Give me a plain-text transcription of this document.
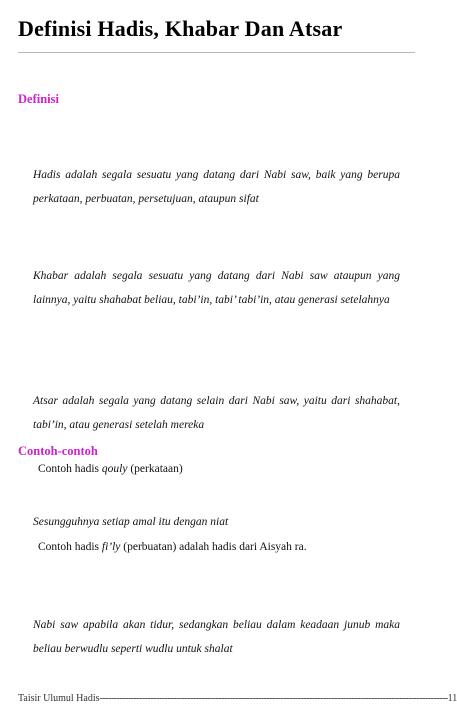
Definisi Hadis, Khabar Dan Atsar
Definisi
Hadis adalah segala sesuatu yang datang dari Nabi saw, baik yang berupa perkataan, perbuatan, persetujuan, ataupun sifat
Khabar adalah segala sesuatu yang datang dari Nabi saw ataupun yang lainnya, yaitu shahabat beliau, tabi’in, tabi’ tabi’in, atau generasi setelahnya
Atsar adalah segala yang datang selain dari Nabi saw, yaitu dari shahabat, tabi’in, atau generasi setelah mereka
Contoh-contoh
Contoh hadis qouly (perkataan)
Sesungguhnya setiap amal itu dengan niat
Contoh hadis fi’ly (perbuatan) adalah hadis dari Aisyah ra.
Nabi saw apabila akan tidur, sedangkan beliau dalam keadaan junub maka beliau berwudlu seperti wudlu untuk shalat
Taisir Ulumul Hadis --------------------------------------------------------------------------------------------------------------------------- 11
